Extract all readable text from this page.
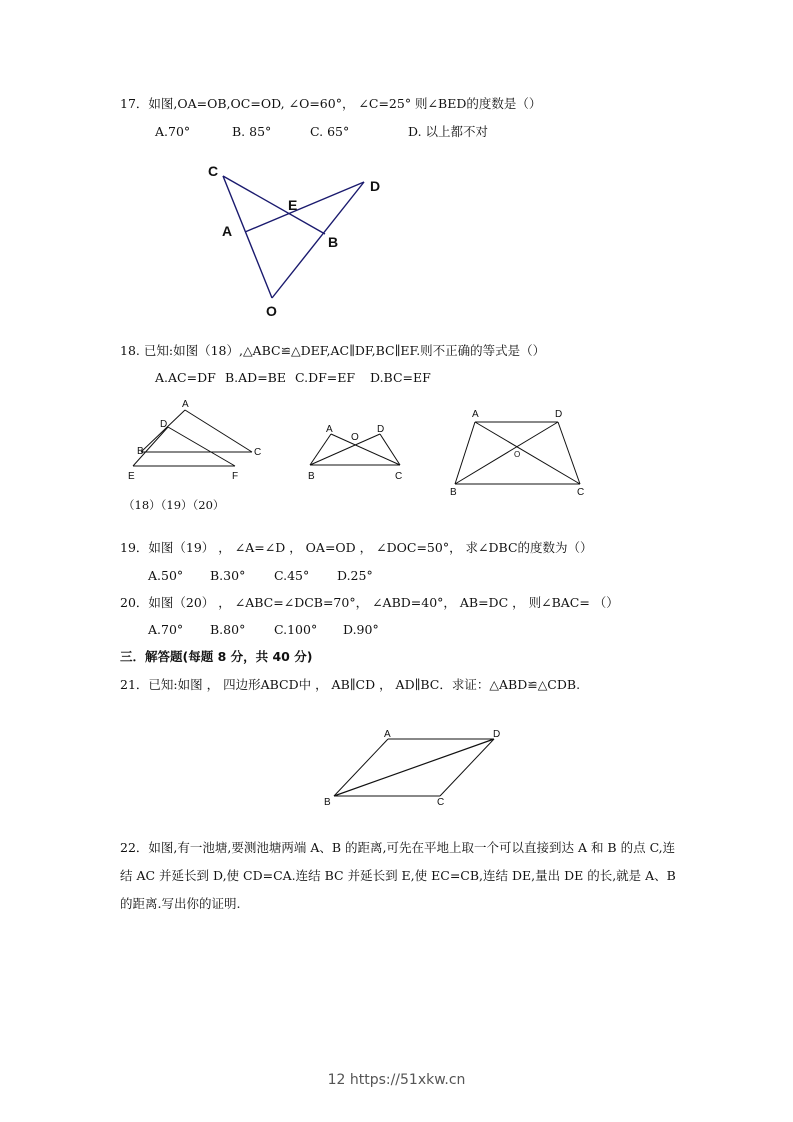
17．如图,OA=OB,OC=OD, ∠O=60°， ∠C=25° 则∠BED的度数是（）
A.70°	B. 85°	C. 65°	D. 以上都不对
C
D
E
A
B
O
18. 已知:如图（18）,△ABC≌△DEF,AC∥DF,BC∥EF.则不正确的等式是（）
A.AC=DF B.AD=BE C.DF=EF D.BC=EF
A
D
B	C
E	F
A
O
D
B	C
A	D
O
B	C
（18）（19）（20）
19．如图（19） ， ∠A=∠D ， OA=OD ， ∠DOC=50°， 求∠DBC的度数为（）
A.50° B.30° C.45° D.25°
20．如图（20） ， ∠ABC=∠DCB=70°， ∠ABD=40°， AB=DC ， 则∠BAC= （）
A.70° B.80° C.100° D.90°
三．解答题(每题 8 分，共 40 分)
21．已知:如图 ， 四边形ABCD中 ， AB∥CD ， AD∥BC．求证：△ABD≌△CDB.
A	D
B	C
22．如图,有一池塘,要测池塘两端 A、B 的距离,可先在平地上取一个可以直接到达 A 和 B 的点 C,连结 AC 并延长到 D,使 CD=CA.连结 BC 并延长到 E,使 EC=CB,连结 DE,量出 DE 的长,就是 A、B 的距离.写出你的证明.
12 https://51xkw.cn
